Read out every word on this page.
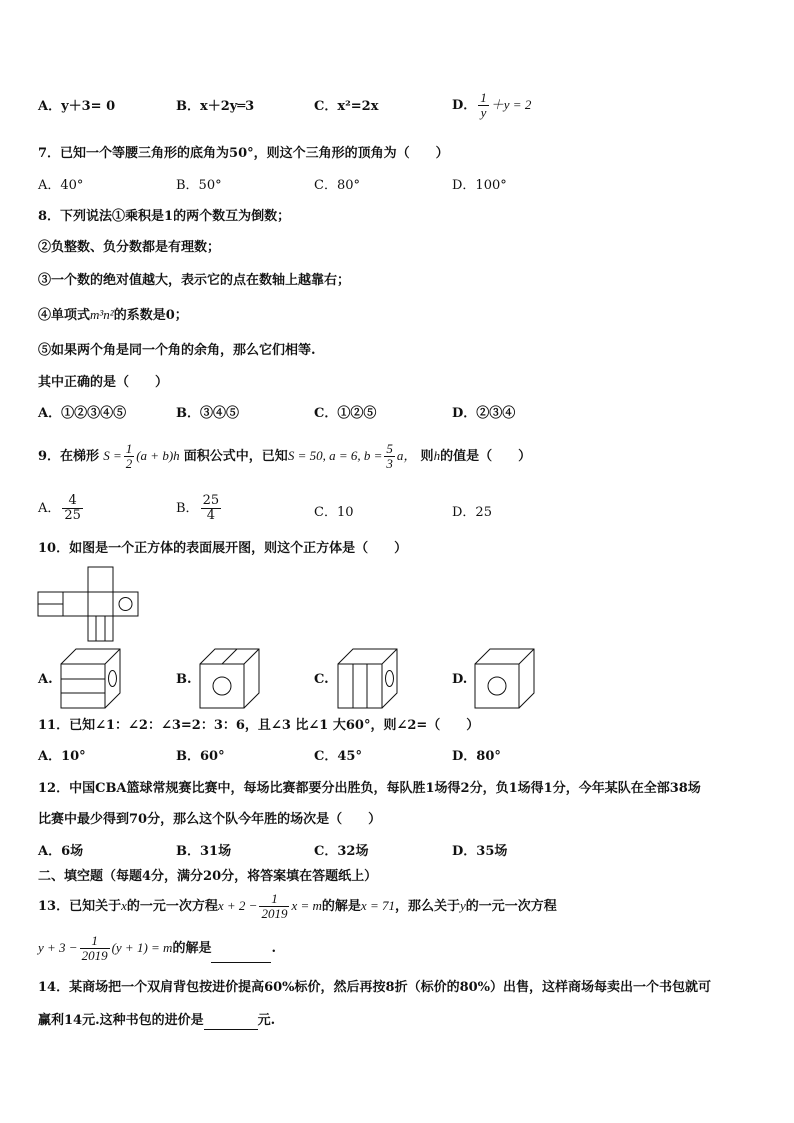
A．y＋3= 0	B．x＋2y═3	C．x²=2x	D． $\frac{1}{y} +y = 2$
7．已知一个等腰三角形的底角为50°，则这个三角形的顶角为（　　）
A．40°	B．50°	C．80°	D．100°
8．下列说法①乘积是1的两个数互为倒数；
②负整数、负分数都是有理数；
③一个数的绝对值越大，表示它的点在数轴上越靠右；
④单项式m³n²的系数是0；
⑤如果两个角是同一个角的余角，那么它们相等.
其中正确的是（　　）
A．①②③④⑤	B．③④⑤	C．①②⑤	D．②③④
9．在梯形 $S = \frac{1}{2} (a + b)h$ 面积公式中，已知S = 50, a = 6, $b = \frac{5}{3}$ a， 则h的值是（　　）
A． $\frac{4}{25}$	B． $\frac{25}{4}$	C．10	D．25
10．如图是一个正方体的表面展开图，则这个正方体是（　　）
A.	B.	C.	D.
11．已知∠1：∠2：∠3=2：3：6，且∠3 比∠1 大60°，则∠2=（　　）
A．10°	B．60°	C．45°	D．80°
12．中国CBA篮球常规赛比赛中，每场比赛都要分出胜负，每队胜1场得2分，负1场得1分，今年某队在全部38场
比赛中最少得到70分，那么这个队今年胜的场次是（　　）
A．6场	B．31场	C．32场	D．35场
二、填空题（每题4分，满分20分，将答案填在答题纸上）
13．已知关于x的一元一次方程$x + 2 - \frac{1}{2019}$ x = m的解是x = 71，那么关于y的一元一次方程
$y + 3 - \frac{1}{2019} (y + 1) = m$的解是	.
14．某商场把一个双肩背包按进价提高60%标价，然后再按8折（标价的80%）出售，这样商场每卖出一个书包就可
赢利14元.这种书包的进价是	元.
